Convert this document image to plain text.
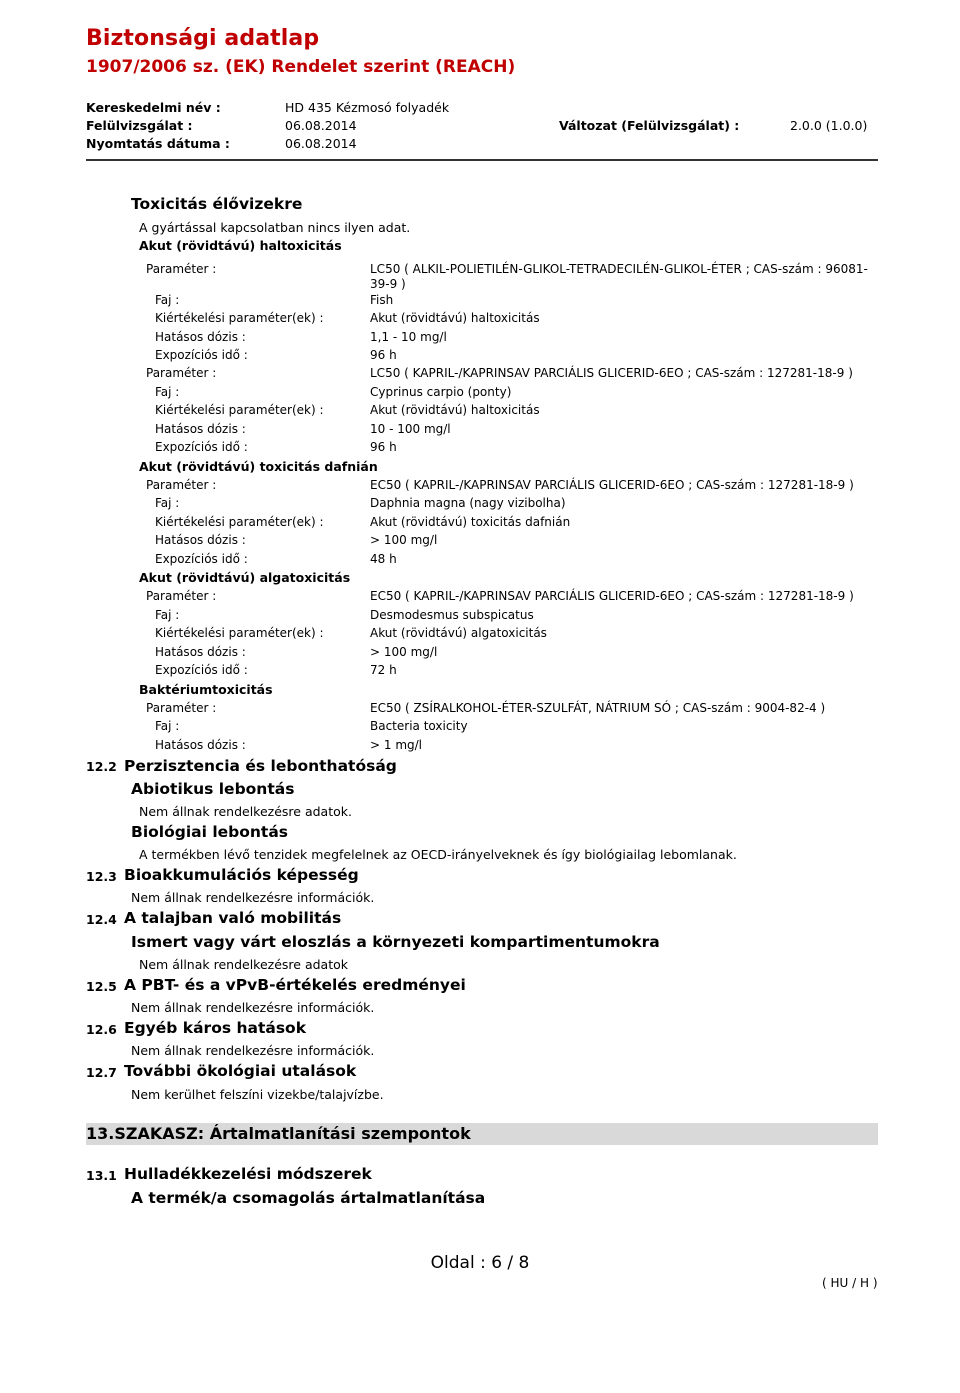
Biztonsági adatlap
1907/2006 sz. (EK) Rendelet szerint (REACH)
Kereskedelmi név :	HD 435 Kézmosó folyadék
Felülvizsgálat :	06.08.2014	Változat (Felülvizsgálat) :	2.0.0 (1.0.0)
Nyomtatás dátuma :	06.08.2014
Toxicitás élővizekre
A gyártással kapcsolatban nincs ilyen adat.
Akut (rövidtávú) haltoxicitás
Paraméter :	LC50 ( ALKIL-POLIETILÉN-GLIKOL-TETRADECILÉN-GLIKOL-ÉTER ; CAS-szám : 96081-39-9 )
Faj :	Fish
Kiértékelési paraméter(ek) :	Akut (rövidtávú) haltoxicitás
Hatásos dózis :	1,1 - 10 mg/l
Expozíciós idő :	96 h
Paraméter :	LC50 ( KAPRIL-/KAPRINSAV PARCIÁLIS GLICERID-6EO ; CAS-szám : 127281-18-9 )
Faj :	Cyprinus carpio (ponty)
Kiértékelési paraméter(ek) :	Akut (rövidtávú) haltoxicitás
Hatásos dózis :	10 - 100 mg/l
Expozíciós idő :	96 h
Akut (rövidtávú) toxicitás dafnián
Paraméter :	EC50 ( KAPRIL-/KAPRINSAV PARCIÁLIS GLICERID-6EO ; CAS-szám : 127281-18-9 )
Faj :	Daphnia magna (nagy vizibolha)
Kiértékelési paraméter(ek) :	Akut (rövidtávú) toxicitás dafnián
Hatásos dózis :	> 100 mg/l
Expozíciós idő :	48 h
Akut (rövidtávú) algatoxicitás
Paraméter :	EC50 ( KAPRIL-/KAPRINSAV PARCIÁLIS GLICERID-6EO ; CAS-szám : 127281-18-9 )
Faj :	Desmodesmus subspicatus
Kiértékelési paraméter(ek) :	Akut (rövidtávú) algatoxicitás
Hatásos dózis :	> 100 mg/l
Expozíciós idő :	72 h
Baktériumtoxicitás
Paraméter :	EC50 ( ZSÍRALKOHOL-ÉTER-SZULFÁT, NÁTRIUM SÓ ; CAS-szám : 9004-82-4 )
Faj :	Bacteria toxicity
Hatásos dózis :	> 1 mg/l
12.2 Perzisztencia és lebonthatóság
Abiotikus lebontás
Nem állnak rendelkezésre adatok.
Biológiai lebontás
A termékben lévő tenzidek megfelelnek az OECD-irányelveknek és így biológiailag lebomlanak.
12.3 Bioakkumulációs képesség
Nem állnak rendelkezésre információk.
12.4 A talajban való mobilitás
Ismert vagy várt eloszlás a környezeti kompartimentumokra
Nem állnak rendelkezésre adatok
12.5 A PBT- és a vPvB-értékelés eredményei
Nem állnak rendelkezésre információk.
12.6 Egyéb káros hatások
Nem állnak rendelkezésre információk.
12.7 További ökológiai utalások
Nem kerülhet felszíni vizekbe/talajvízbe.
13.SZAKASZ: Ártalmatlanítási szempontok
13.1 Hulladékkezelési módszerek
A termék/a csomagolás ártalmatlanítása
Oldal : 6 / 8
( HU / H )
